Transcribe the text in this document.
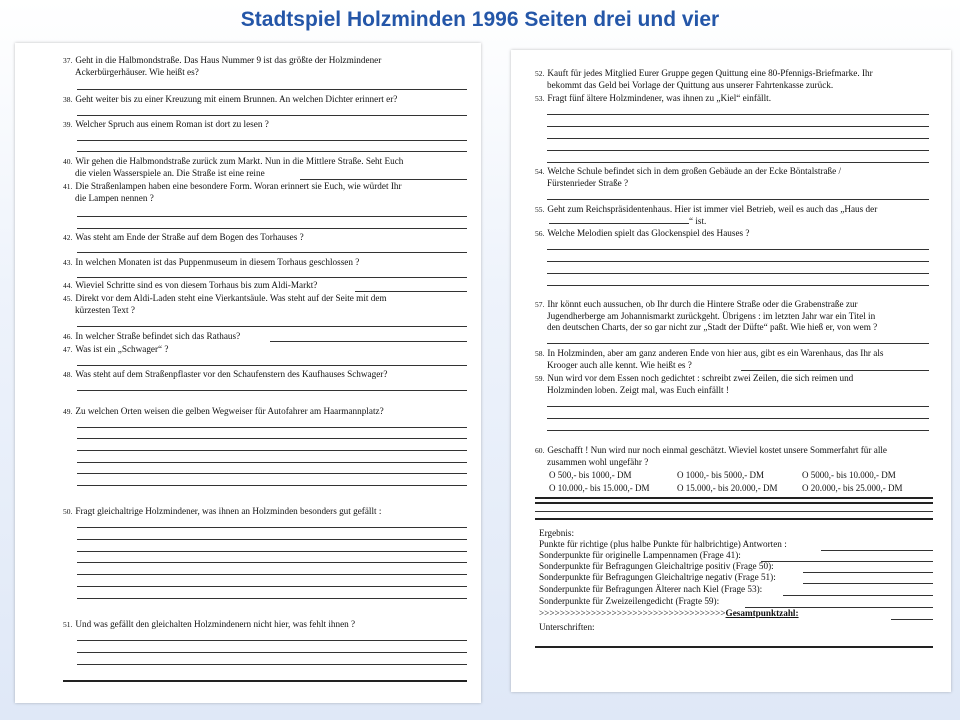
Stadtspiel Holzminden 1996 Seiten drei und vier
37. Geht in die Halbmondstraße. Das Haus Nummer 9 ist das größte der Holzmindener
Ackerbürgerhäuser. Wie heißt es?
38. Geht weiter bis zu einer Kreuzung mit einem Brunnen. An welchen Dichter erinnert er?
39. Welcher Spruch aus einem Roman ist dort zu lesen ?
40. Wir gehen die Halbmondstraße zurück zum Markt. Nun in die Mittlere Straße. Seht Euch
die vielen Wasserspiele an. Die Straße ist eine reine
41. Die Straßenlampen haben eine besondere Form. Woran erinnert sie Euch, wie würdet Ihr
die Lampen nennen ?
42. Was steht am Ende der Straße auf dem Bogen des Torhauses ?
43. In welchen Monaten ist das Puppenmuseum in diesem Torhaus geschlossen ?
44. Wieviel Schritte sind es von diesem Torhaus bis zum Aldi-Markt?
45. Direkt vor dem Aldi-Laden steht eine Vierkantsäule. Was steht auf der Seite mit dem
kürzesten Text ?
46. In welcher Straße befindet sich das Rathaus?
47. Was ist ein „Schwager“ ?
48. Was steht auf dem Straßenpflaster vor den Schaufenstern des Kaufhauses Schwager?
49. Zu welchen Orten weisen die gelben Wegweiser für Autofahrer am Haarmannplatz?
50. Fragt gleichaltrige Holzmindener, was ihnen an Holzminden besonders gut gefällt :
51. Und was gefällt den gleichalten Holzmindenern nicht hier, was fehlt ihnen ?
52. Kauft für jedes Mitglied Eurer Gruppe gegen Quittung eine 80-Pfennigs-Briefmarke. Ihr
bekommt das Geld bei Vorlage der Quittung aus unserer Fahrtenkasse zurück.
53. Fragt fünf ältere Holzmindener, was ihnen zu „Kiel“ einfällt.
54. Welche Schule befindet sich in dem großen Gebäude an der Ecke Böntalstraße /
Fürstenrieder Straße ?
55. Geht zum Reichspräsidentenhaus. Hier ist immer viel Betrieb, weil es auch das „Haus der
“ ist.
56. Welche Melodien spielt das Glockenspiel des Hauses ?
57. Ihr könnt euch aussuchen, ob Ihr durch die Hintere Straße oder die Grabenstraße zur
Jugendherberge am Johannismarkt zurückgeht. Übrigens : im letzten Jahr war ein Titel in
den deutschen Charts, der so gar nicht zur „Stadt der Düfte“ paßt. Wie hieß er, von wem ?
58. In Holzminden, aber am ganz anderen Ende von hier aus, gibt es ein Warenhaus, das Ihr als
Krooger auch alle kennt. Wie heißt es ?
59. Nun wird vor dem Essen noch gedichtet : schreibt zwei Zeilen, die sich reimen und
Holzminden loben. Zeigt mal, was Euch einfällt !
60. Geschafft ! Nun wird nur noch einmal geschätzt. Wieviel kostet unsere Sommerfahrt für alle
zusammen wohl ungefähr ?
O 500,- bis 1000,- DM	O 1000,- bis 5000,- DM	O 5000,- bis 10.000,- DM
O 10.000,- bis 15.000,- DM	O 15.000,- bis 20.000,- DM	O 20.000,- bis 25.000,- DM
Ergebnis:
Punkte für richtige (plus halbe Punkte für halbrichtige) Antworten :
Sonderpunkte für originelle Lampennamen (Frage 41):
Sonderpunkte für Befragungen Gleichaltrige positiv (Frage 50):
Sonderpunkte für Befragungen Gleichaltrige negativ (Frage 51):
Sonderpunkte für Befragungen Älterer nach Kiel (Frage 53):
Sonderpunkte für Zweizeilengedicht (Fragte 59):
>>>>>>>>>>>>>>>>>>>>>>>>>>>>>>>>>>>>Gesamtpunktzahl:
Unterschriften:
